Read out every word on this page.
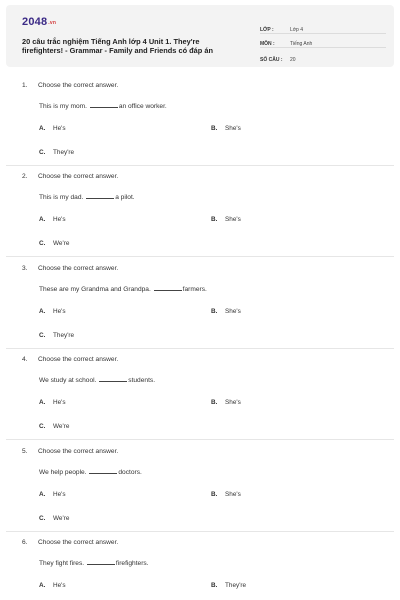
2048.vn
20 câu trắc nghiệm Tiếng Anh lớp 4 Unit 1. They're firefighters! - Grammar - Family and Friends có đáp án
LỚP :	Lớp 4
MÔN :	Tiếng Anh
SỐ CÂU :	20
1. Choose the correct answer.
This is my mom.	an office worker.
A. He's	B. She's
C. They're
2. Choose the correct answer.
This is my dad.	a pilot.
A. He's	B. She's
C. We're
3. Choose the correct answer.
These are my Grandma and Grandpa.	farmers.
A. He's	B. She's
C. They're
4. Choose the correct answer.
We study at school.	students.
A. He's	B. She's
C. We're
5. Choose the correct answer.
We help people.	doctors.
A. He's	B. She's
C. We're
6. Choose the correct answer.
They fight fires.	firefighters.
A. He's	B. They're
